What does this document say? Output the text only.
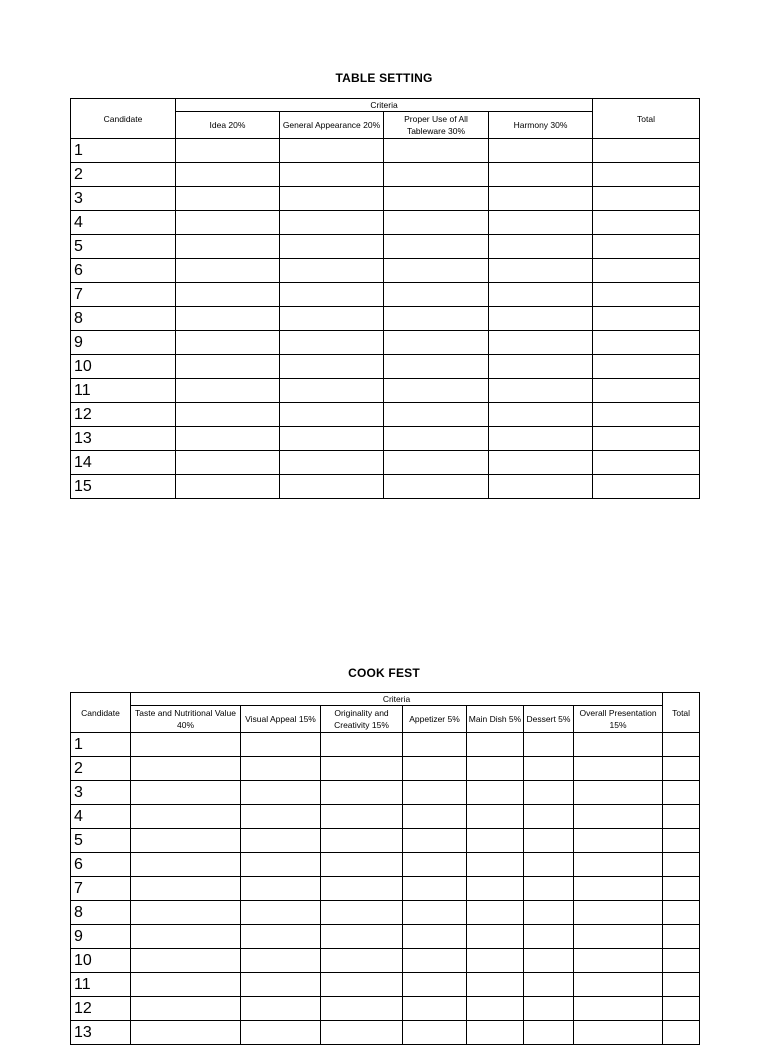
TABLE SETTING
Candidate	Criteria				Total
	Idea 20%	General Appearance 20%	Proper Use of All Tableware 30%	Harmony 30%	
1					
2					
3					
4					
5					
6					
7					
8					
9					
10					
11					
12					
13					
14					
15					
COOK FEST
Candidate	Criteria							Total
	Taste and Nutritional Value 40%	Visual Appeal 15%	Originality and Creativity 15%	Appetizer 5%	Main Dish 5%	Dessert 5%	Overall Presentation 15%	
1								
2								
3								
4								
5								
6								
7								
8								
9								
10								
11								
12								
13								
